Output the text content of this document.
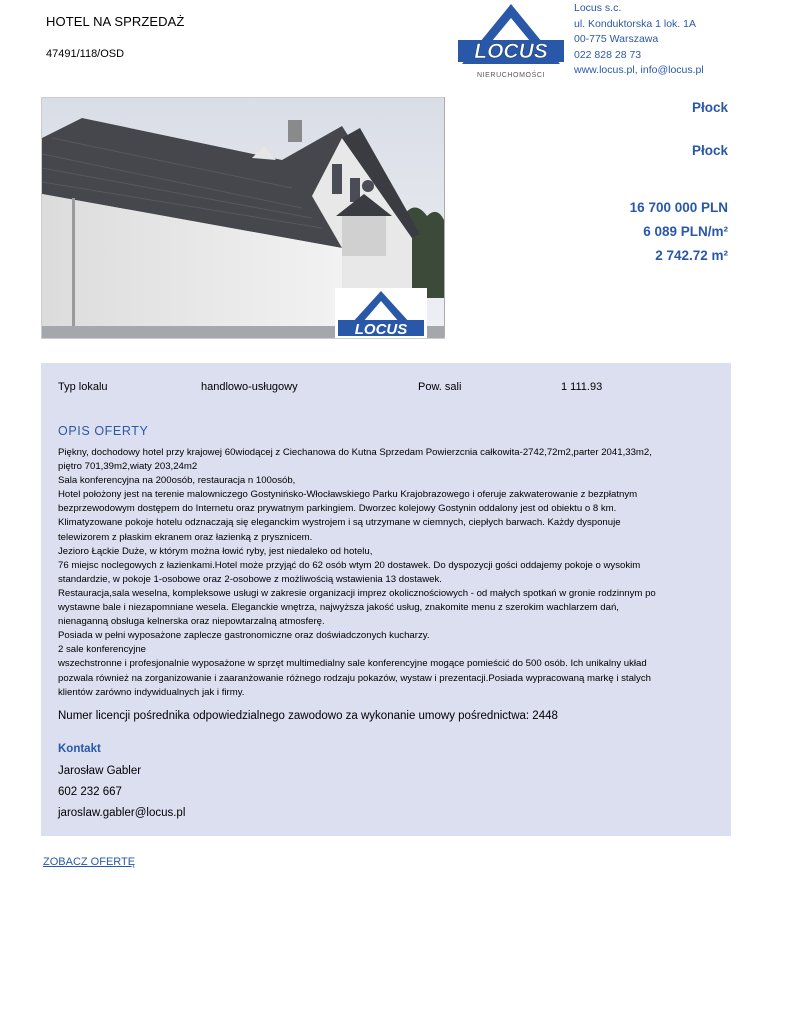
HOTEL NA SPRZEDAŻ
47491/118/OSD	LOCUS
NIERUCHOMOŚCI
Locus s.c.
ul. Konduktorska 1 lok. 1A
00-775 Warszawa
022 828 28 73
www.locus.pl, info@locus.pl
LOCUS
Płock
Płock
16 700 000 PLN
6 089 PLN/m²
2 742.72 m²
Typ lokalu	handlowo-usługowy	Pow. sali	1 111.93
OPIS OFERTY
Piękny, dochodowy hotel przy krajowej 60wiodącej z Ciechanowa do Kutna Sprzedam Powierzcnia całkowita-2742,72m2,parter 2041,33m2,
piętro 701,39m2,wiaty 203,24m2
Sala konferencyjna na 200osób, restauracja n 100osób,
Hotel położony jest na terenie malowniczego Gostynińsko-Włocławskiego Parku Krajobrazowego i oferuje zakwaterowanie z bezpłatnym
bezprzewodowym dostępem do Internetu oraz prywatnym parkingiem. Dworzec kolejowy Gostynin oddalony jest od obiektu o 8 km.
Klimatyzowane pokoje hotelu odznaczają się eleganckim wystrojem i są utrzymane w ciemnych, ciepłych barwach. Każdy dysponuje
telewizorem z płaskim ekranem oraz łazienką z prysznicem.
Jezioro Łąckie Duże, w którym można łowić ryby, jest niedaleko od hotelu,
76 miejsc noclegowych z łazienkami.Hotel może przyjąć do 62 osób wtym 20 dostawek. Do dyspozycji gości oddajemy pokoje o wysokim
standardzie, w pokoje 1-osobowe oraz 2-osobowe z możliwością wstawienia 13 dostawek.
Restauracja,sala weselna, kompleksowe usługi w zakresie organizacji imprez okolicznościowych - od małych spotkań w gronie rodzinnym po
wystawne bale i niezapomniane wesela. Eleganckie wnętrza, najwyższa jakość usług, znakomite menu z szerokim wachlarzem dań,
nienaganną obsługa kelnerska oraz niepowtarzalną atmosferę.
Posiada w pełni wyposażone zaplecze gastronomiczne oraz doświadczonych kucharzy.
2 sale konferencyjne
wszechstronne i profesjonalnie wyposażone w sprzęt multimedialny sale konferencyjne mogące pomieścić do 500 osób. Ich unikalny układ
pozwala również na zorganizowanie i zaaranżowanie różnego rodzaju pokazów, wystaw i prezentacji.Posiada wypracowaną markę i stalych
klientów zarówno indywidualnych jak i firmy.
Numer licencji pośrednika odpowiedzialnego zawodowo za wykonanie umowy pośrednictwa: 2448
Kontakt
Jarosław Gabler
602 232 667
jaroslaw.gabler@locus.pl
ZOBACZ OFERTĘ
